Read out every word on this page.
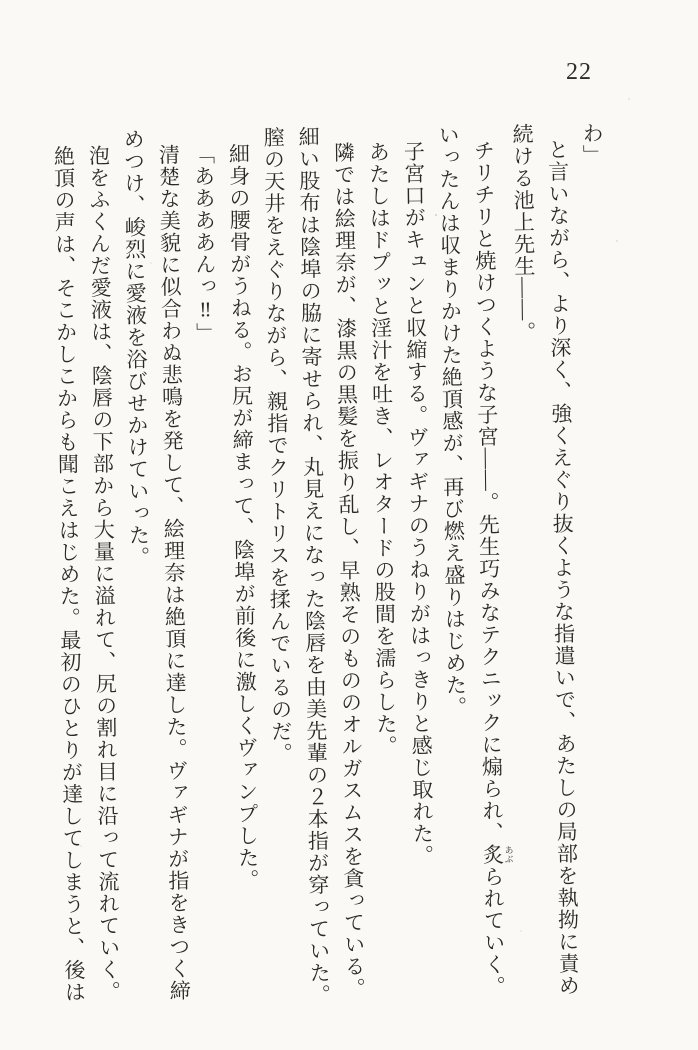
22

わ」

と言いながら、より深く、強くえぐり抜くような指遣いで、あたしの局部を執拗に責め

続ける池上先生――。

チリチリと焼けつくような子宮――。先生巧みなテクニックに煽られ、炙あぶられていく。

いったんは収まりかけた絶頂感が、再び燃え盛りはじめた。

子宮口がキュンと収縮する。ヴァギナのうねりがはっきりと感じ取れた。

あたしはドプッと淫汁を吐き、レオタードの股間を濡らした。

隣では絵理奈が、漆黒の黒髪を振り乱し、早熟そのもののオルガスムスを貪っている。

細い股布は陰埠の脇に寄せられ、丸見えになった陰唇を由美先輩の２本指が穿っていた。

膣の天井をえぐりながら、親指でクリトリスを揉んでいるのだ。

細身の腰骨がうねる。お尻が締まって、陰埠が前後に激しくヴァンプした。

「ああああんっ‼」

清楚な美貌に似合わぬ悲鳴を発して、絵理奈は絶頂に達した。ヴァギナが指をきつく締

めつけ、峻烈に愛液を浴びせかけていった。

泡をふくんだ愛液は、陰唇の下部から大量に溢れて、尻の割れ目に沿って流れていく。

絶頂の声は、そこかしこからも聞こえはじめた。最初のひとりが達してしまうと、後は
